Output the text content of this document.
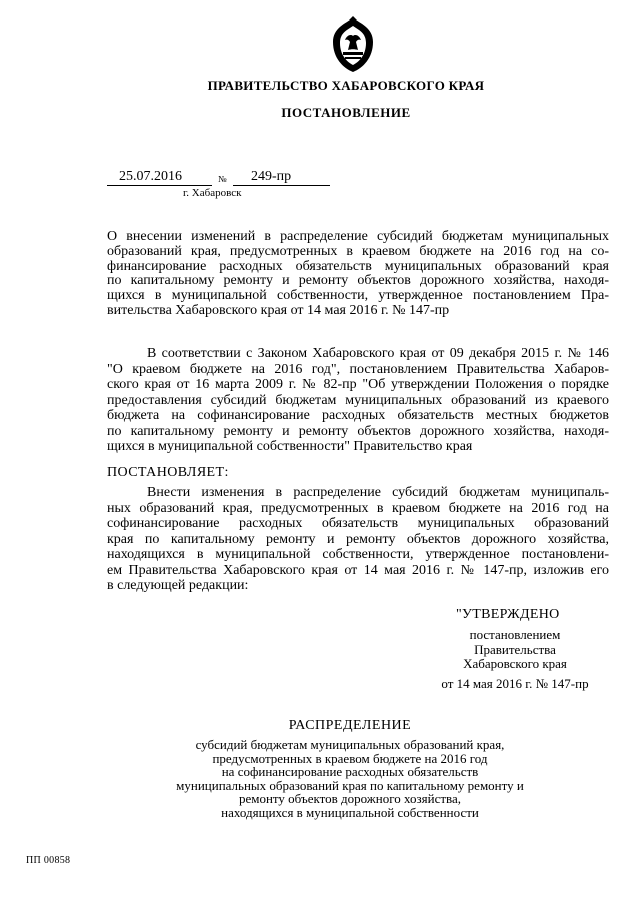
ПРАВИТЕЛЬСТВО ХАБАРОВСКОГО КРАЯ
ПОСТАНОВЛЕНИЕ
25.07.2016	№	249-пр
г. Хабаровск
О внесении изменений в распределение субсидий бюджетам муниципальных
образований края, предусмотренных в краевом бюджете на 2016 год на со-
финансирование расходных обязательств муниципальных образований края
по капитальному ремонту и ремонту объектов дорожного хозяйства, находя-
щихся в муниципальной собственности, утвержденное постановлением Пра-
вительства Хабаровского края от 14 мая 2016 г. № 147-пр
В соответствии с Законом Хабаровского края от 09 декабря 2015 г. № 146
"О краевом бюджете на 2016 год", постановлением Правительства Хабаров-
ского края от 16 марта 2009 г. № 82-пр "Об утверждении Положения о порядке
предоставления субсидий бюджетам муниципальных образований из краевого
бюджета на софинансирование расходных обязательств местных бюджетов
по капитальному ремонту и ремонту объектов дорожного хозяйства, находя-
щихся в муниципальной собственности" Правительство края
ПОСТАНОВЛЯЕТ:
Внести изменения в распределение субсидий бюджетам муниципаль-
ных образований края, предусмотренных в краевом бюджете на 2016 год на
софинансирование расходных обязательств муниципальных образований
края по капитальному ремонту и ремонту объектов дорожного хозяйства,
находящихся в муниципальной собственности, утвержденное постановлени-
ем Правительства Хабаровского края от 14 мая 2016 г. № 147-пр, изложив его
в следующей редакции:
"УТВЕРЖДЕНО
постановлением
Правительства
Хабаровского края
от 14 мая 2016 г. № 147-пр
РАСПРЕДЕЛЕНИЕ
субсидий бюджетам муниципальных образований края,
предусмотренных в краевом бюджете на 2016 год
на софинансирование расходных обязательств
муниципальных образований края по капитальному ремонту и
ремонту объектов дорожного хозяйства,
находящихся в муниципальной собственности
ПП 00858
